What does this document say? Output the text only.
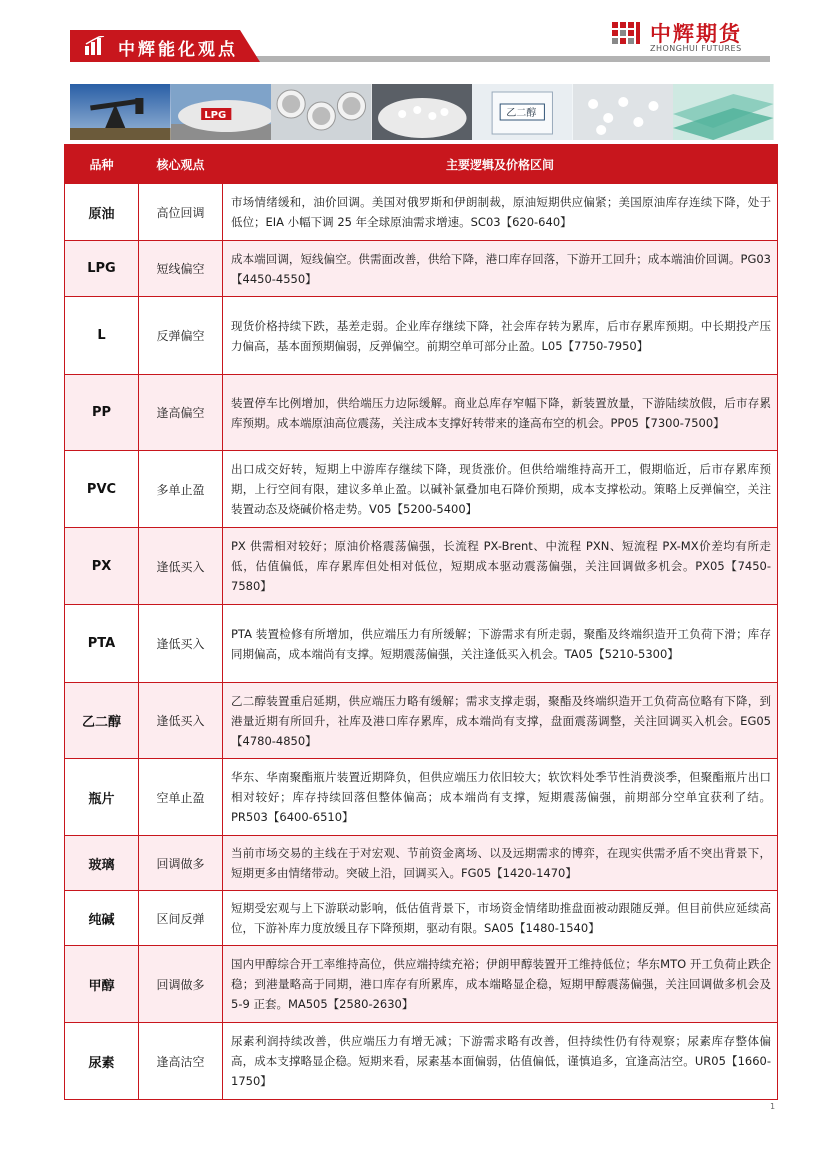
中辉能化观点
中辉期货
ZHONGHUI FUTURES
LPG	乙二醇
品种	核心观点	主要逻辑及价格区间
原油	高位回调	市场情绪缓和，油价回调。美国对俄罗斯和伊朗制裁，原油短期供应偏紧；美国原油库存连续下降，处于低位；EIA 小幅下调 25 年全球原油需求增速。SC03【620-640】
LPG	短线偏空	成本端回调，短线偏空。供需面改善，供给下降，港口库存回落，下游开工回升；成本端油价回调。PG03【4450-4550】
L	反弹偏空	现货价格持续下跌，基差走弱。企业库存继续下降，社会库存转为累库，后市存累库预期。中长期投产压力偏高，基本面预期偏弱，反弹偏空。前期空单可部分止盈。L05【7750-7950】
PP	逢高偏空	装置停车比例增加，供给端压力边际缓解。商业总库存窄幅下降，新装置放量，下游陆续放假，后市存累库预期。成本端原油高位震荡，关注成本支撑好转带来的逢高布空的机会。PP05【7300-7500】
PVC	多单止盈	出口成交好转，短期上中游库存继续下降，现货涨价。但供给端维持高开工，假期临近，后市存累库预期，上行空间有限，建议多单止盈。以碱补氯叠加电石降价预期，成本支撑松动。策略上反弹偏空，关注装置动态及烧碱价格走势。V05【5200-5400】
PX	逢低买入	PX 供需相对较好；原油价格震荡偏强，长流程 PX-Brent、中流程 PXN、短流程 PX-MX价差均有所走低，估值偏低，库存累库但处相对低位，短期成本驱动震荡偏强，关注回调做多机会。PX05【7450-7580】
PTA	逢低买入	PTA 装置检修有所增加，供应端压力有所缓解；下游需求有所走弱，聚酯及终端织造开工负荷下滑；库存同期偏高，成本端尚有支撑。短期震荡偏强，关注逢低买入机会。TA05【5210-5300】
乙二醇	逢低买入	乙二醇装置重启延期，供应端压力略有缓解；需求支撑走弱，聚酯及终端织造开工负荷高位略有下降，到港量近期有所回升，社库及港口库存累库，成本端尚有支撑，盘面震荡调整，关注回调买入机会。EG05【4780-4850】
瓶片	空单止盈	华东、华南聚酯瓶片装置近期降负，但供应端压力依旧较大；软饮料处季节性消费淡季，但聚酯瓶片出口相对较好；库存持续回落但整体偏高；成本端尚有支撑，短期震荡偏强，前期部分空单宜获利了结。PR503【6400-6510】
玻璃	回调做多	当前市场交易的主线在于对宏观、节前资金离场、以及远期需求的博弈，在现实供需矛盾不突出背景下，短期更多由情绪带动。突破上沿，回调买入。FG05【1420-1470】
纯碱	区间反弹	短期受宏观与上下游联动影响，低估值背景下，市场资金情绪助推盘面被动跟随反弹。但目前供应延续高位，下游补库力度放缓且存下降预期，驱动有限。SA05【1480-1540】
甲醇	回调做多	国内甲醇综合开工率维持高位，供应端持续充裕；伊朗甲醇装置开工维持低位；华东MTO 开工负荷止跌企稳；到港量略高于同期，港口库存有所累库，成本端略显企稳，短期甲醇震荡偏强，关注回调做多机会及 5-9 正套。MA505【2580-2630】
尿素	逢高沽空	尿素利润持续改善，供应端压力有增无减；下游需求略有改善，但持续性仍有待观察；尿素库存整体偏高，成本支撑略显企稳。短期来看，尿素基本面偏弱，估值偏低，谨慎追多，宜逢高沽空。UR05【1660-1750】
1
